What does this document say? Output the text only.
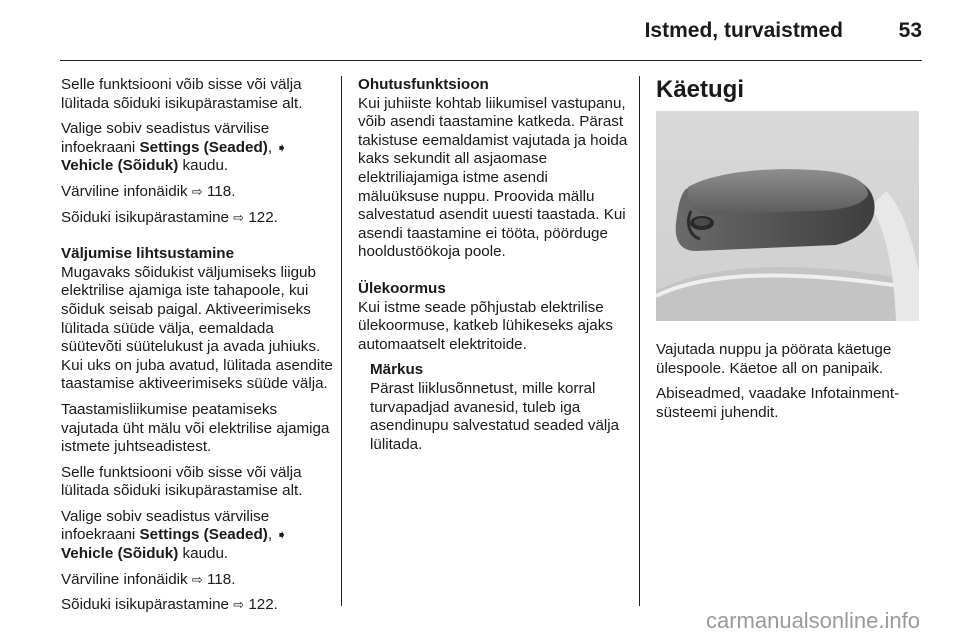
Istmed, turvaistmed	53

Selle funktsiooni võib sisse või välja lülitada sõiduki isikupärastamise alt.

Valige sobiv seadistus värvilise infoekraani Settings (Seaded), ➧
Vehicle (Sõiduk) kaudu.

Värviline infonäidik ⇨ 118.

Sõiduki isikupärastamine ⇨ 122.

Väljumise lihtsustamine

Mugavaks sõidukist väljumiseks liigub elektrilise ajamiga iste tahapoole, kui sõiduk seisab paigal. Aktiveerimiseks lülitada süüde välja, eemaldada süütevõti süütelukust ja avada juhiuks. Kui uks on juba avatud, lülitada asendite taastamise aktiveerimiseks süüde välja.

Taastamisliikumise peatamiseks vajutada üht mälu või elektrilise ajamiga istmete juhtseadistest.

Selle funktsiooni võib sisse või välja lülitada sõiduki isikupärastamise alt.

Valige sobiv seadistus värvilise infoekraani Settings (Seaded), ➧
Vehicle (Sõiduk) kaudu.

Värviline infonäidik ⇨ 118.

Sõiduki isikupärastamine ⇨ 122.

Ohutusfunktsioon

Kui juhiiste kohtab liikumisel vastupanu, võib asendi taastamine katkeda. Pärast takistuse eemaldamist vajutada ja hoida kaks sekundit all asjaomase elektriliajamiga istme asendi mäluüksuse nuppu. Proovida mällu salvestatud asendit uuesti taastada. Kui asendi taastamine ei tööta, pöörduge hooldustöökoja poole.

Ülekoormus

Kui istme seade põhjustab elektrilise ülekoormuse, katkeb lühikeseks ajaks automaatselt elektritoide.

Märkus

Pärast liiklusõnnetust, mille korral turvapadjad avanesid, tuleb iga asendinupu salvestatud seaded välja lülitada.

Käetugi

Vajutada nuppu ja pöörata käetuge ülespoole. Käetoe all on panipaik.

Abiseadmed, vaadake Infotainment-süsteemi juhendit.

carmanualsonline.info
